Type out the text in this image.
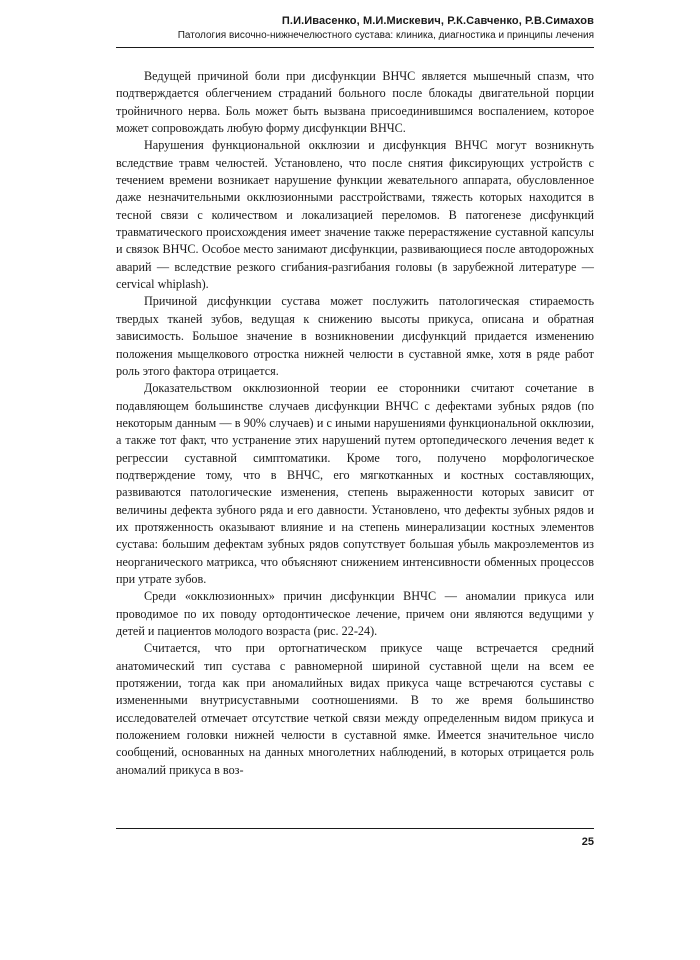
П.И.Ивасенко, М.И.Мискевич, Р.К.Савченко, Р.В.Симахов
Патология височно-нижнечелюстного сустава: клиника, диагностика и принципы лечения

Ведущей причиной боли при дисфункции ВНЧС является мышечный спазм, что подтверждается облегчением страданий больного после блокады двигательной порции тройничного нерва. Боль может быть вызвана присоединившимся воспалением, которое может сопровождать любую форму дисфункции ВНЧС.

Нарушения функциональной окклюзии и дисфункция ВНЧС могут возникнуть вследствие травм челюстей. Установлено, что после снятия фиксирующих устройств с течением времени возникает нарушение функции жевательного аппарата, обусловленное даже незначительными окклюзионными расстройствами, тяжесть которых находится в тесной связи с количеством и локализацией переломов. В патогенезе дисфункций травматического происхождения имеет значение также перерастяжение суставной капсулы и связок ВНЧС. Особое место занимают дисфункции, развивающиеся после автодорожных аварий — вследствие резкого сгибания-разгибания головы (в зарубежной литературе — cervical whiplash).

Причиной дисфункции сустава может послужить патологическая стираемость твердых тканей зубов, ведущая к снижению высоты прикуса, описана и обратная зависимость. Большое значение в возникновении дисфункций придается изменению положения мыщелкового отростка нижней челюсти в суставной ямке, хотя в ряде работ роль этого фактора отрицается.

Доказательством окклюзионной теории ее сторонники считают сочетание в подавляющем большинстве случаев дисфункции ВНЧС с дефектами зубных рядов (по некоторым данным — в 90% случаев) и с иными нарушениями функциональной окклюзии, а также тот факт, что устранение этих нарушений путем ортопедического лечения ведет к регрессии суставной симптоматики. Кроме того, получено морфологическое подтверждение тому, что в ВНЧС, его мягкотканных и костных составляющих, развиваются патологические изменения, степень выраженности которых зависит от величины дефекта зубного ряда и его давности. Установлено, что дефекты зубных рядов и их протяженность оказывают влияние и на степень минерализации костных элементов сустава: большим дефектам зубных рядов сопутствует большая убыль макроэлементов из неорганического матрикса, что объясняют снижением интенсивности обменных процессов при утрате зубов.

Среди «окклюзионных» причин дисфункции ВНЧС — аномалии прикуса или проводимое по их поводу ортодонтическое лечение, причем они являются ведущими у детей и пациентов молодого возраста (рис. 22-24).

Считается, что при ортогнатическом прикусе чаще встречается средний анатомический тип сустава с равномерной шириной суставной щели на всем ее протяжении, тогда как при аномалийных видах прикуса чаще встречаются суставы с измененными внутрисуставными соотношениями. В то же время большинство исследователей отмечает отсутствие четкой связи между определенным видом прикуса и положением головки нижней челюсти в суставной ямке. Имеется значительное число сообщений, основанных на данных многолетних наблюдений, в которых отрицается роль аномалий прикуса в воз-

25
